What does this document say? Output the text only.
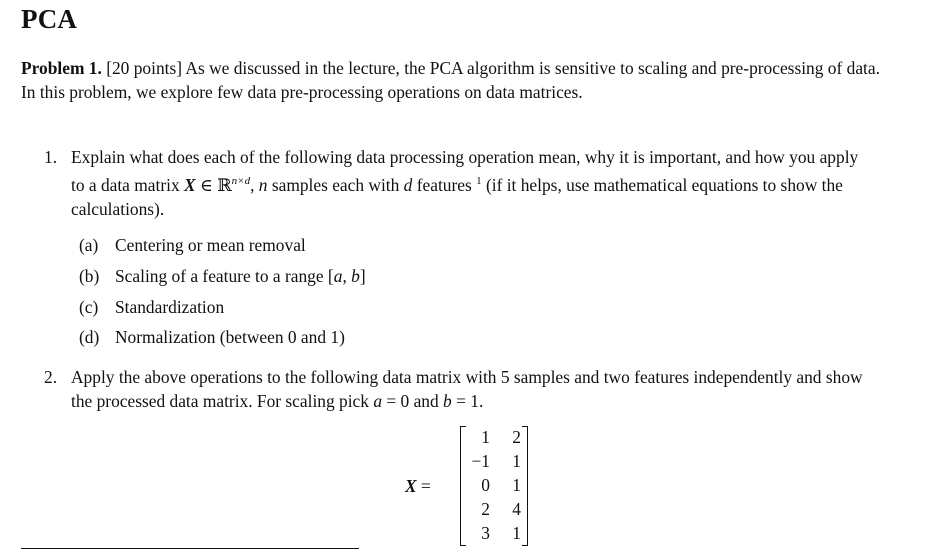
PCA
Problem 1. [20 points] As we discussed in the lecture, the PCA algorithm is sensitive to scaling and pre-processing of data. In this problem, we explore few data pre-processing operations on data matrices.
1. Explain what does each of the following data processing operation mean, why it is important, and how you apply to a data matrix X ∈ ℝ$^{n\times d}$, n samples each with d features $^1$ (if it helps, use mathematical equations to show the calculations).
(a) Centering or mean removal
(b) Scaling of a feature to a range [a, b]
(c) Standardization
(d) Normalization (between 0 and 1)
2. Apply the above operations to the following data matrix with 5 samples and two features independently and show the processed data matrix. For scaling pick a = 0 and b = 1.
X =
1 2
−1 1
0 1
2 4
3 1
